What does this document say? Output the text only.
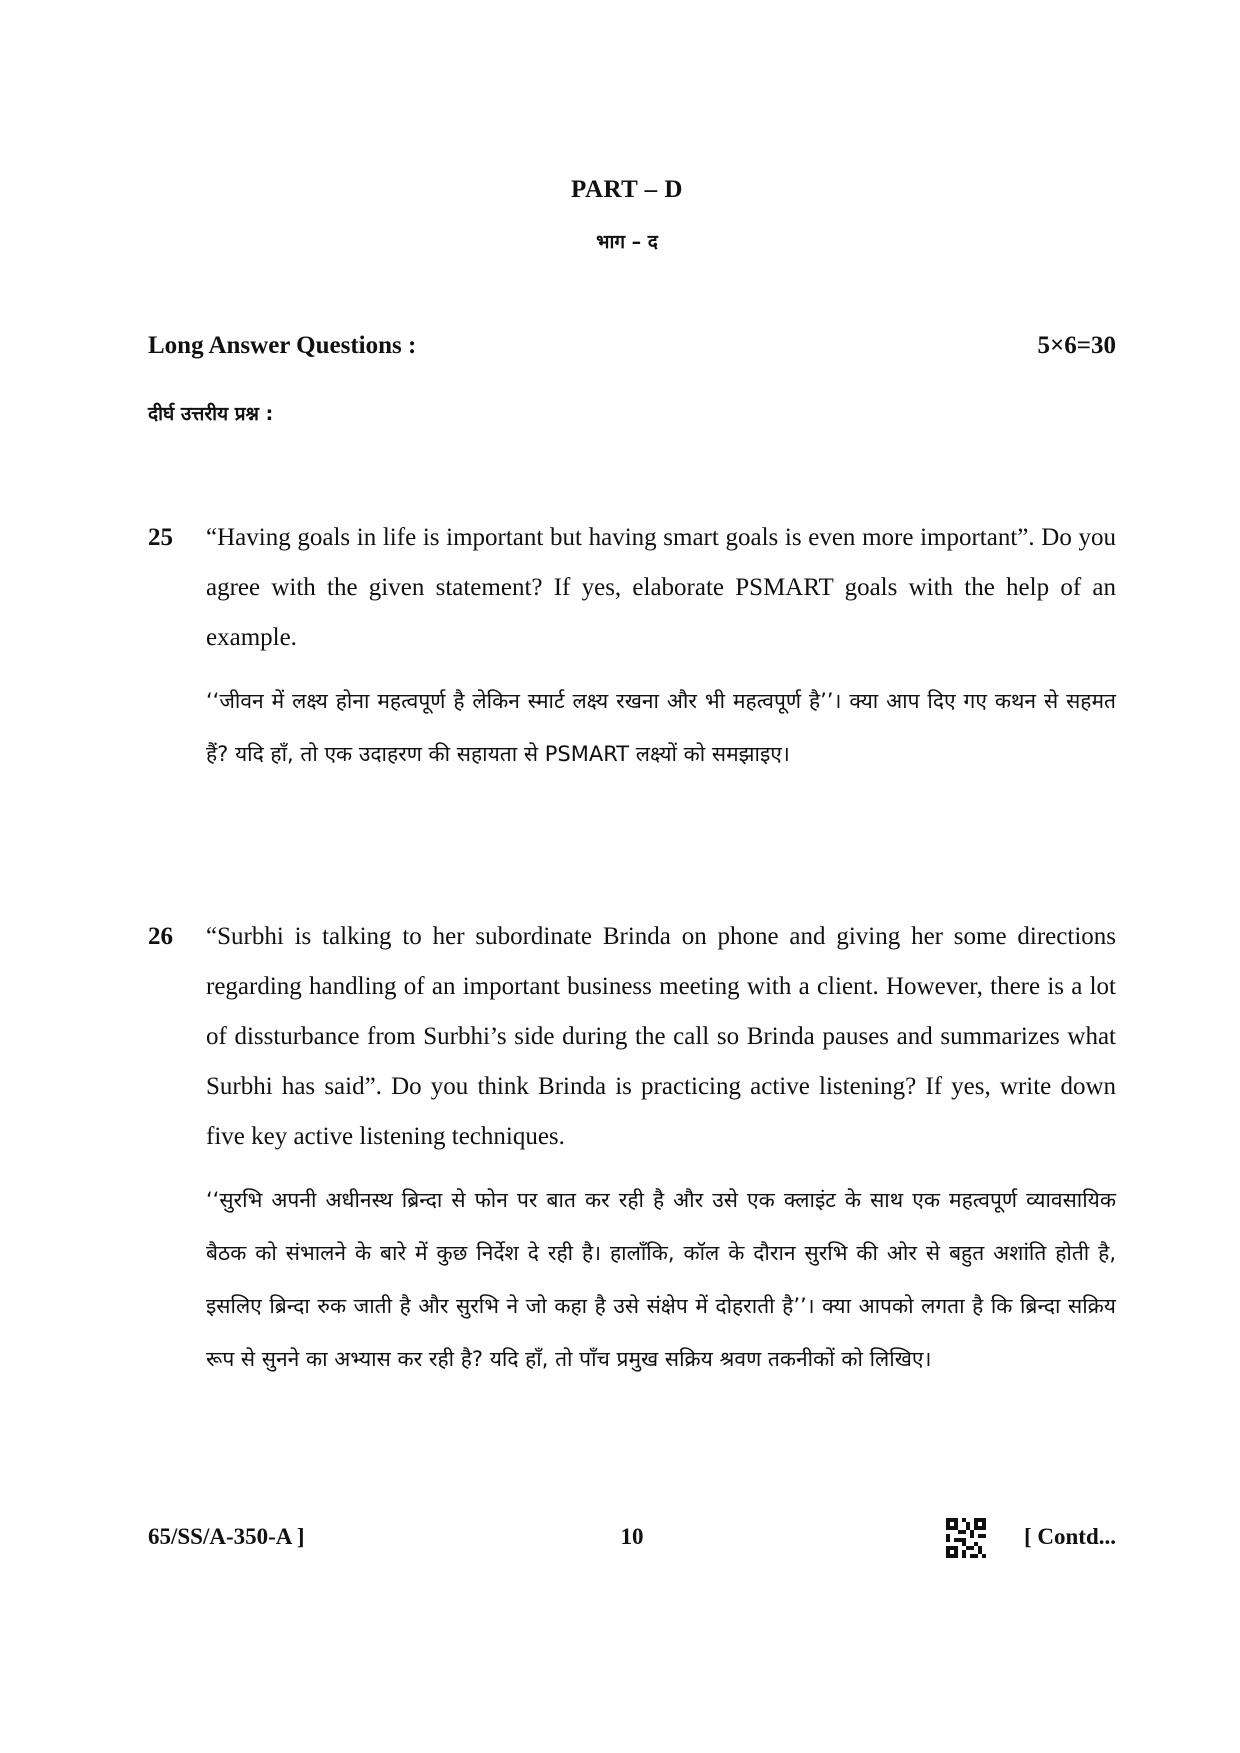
PART – D
भाग – द
Long Answer Questions :	5×6=30
दीर्घ उत्तरीय प्रश्न :
25 “Having goals in life is important but having smart goals is even more important”. Do you agree with the given statement? If yes, elaborate PSMART goals with the help of an example.
‘‘जीवन में लक्ष्य होना महत्वपूर्ण है लेकिन स्मार्ट लक्ष्य रखना और भी महत्वपूर्ण है’’। क्या आप दिए गए कथन से सहमत हैं? यदि हाँ, तो एक उदाहरण की सहायता से PSMART लक्ष्यों को समझाइए।
26 “Surbhi is talking to her subordinate Brinda on phone and giving her some directions regarding handling of an important business meeting with a client. However, there is a lot of dissturbance from Surbhi’s side during the call so Brinda pauses and summarizes what Surbhi has said”. Do you think Brinda is practicing active listening? If yes, write down five key active listening techniques.
‘‘सुरभि अपनी अधीनस्थ ब्रिन्दा से फोन पर बात कर रही है और उसे एक क्लाइंट के साथ एक महत्वपूर्ण व्यावसायिक बैठक को संभालने के बारे में कुछ निर्देश दे रही है। हालाँकि, कॉल के दौरान सुरभि की ओर से बहुत अशांति होती है, इसलिए ब्रिन्दा रुक जाती है और सुरभि ने जो कहा है उसे संक्षेप में दोहराती है’’। क्या आपको लगता है कि ब्रिन्दा सक्रिय रूप से सुनने का अभ्यास कर रही है? यदि हाँ, तो पाँच प्रमुख सक्रिय श्रवण तकनीकों को लिखिए।
65/SS/A-350-A ]	10	[ Contd...
